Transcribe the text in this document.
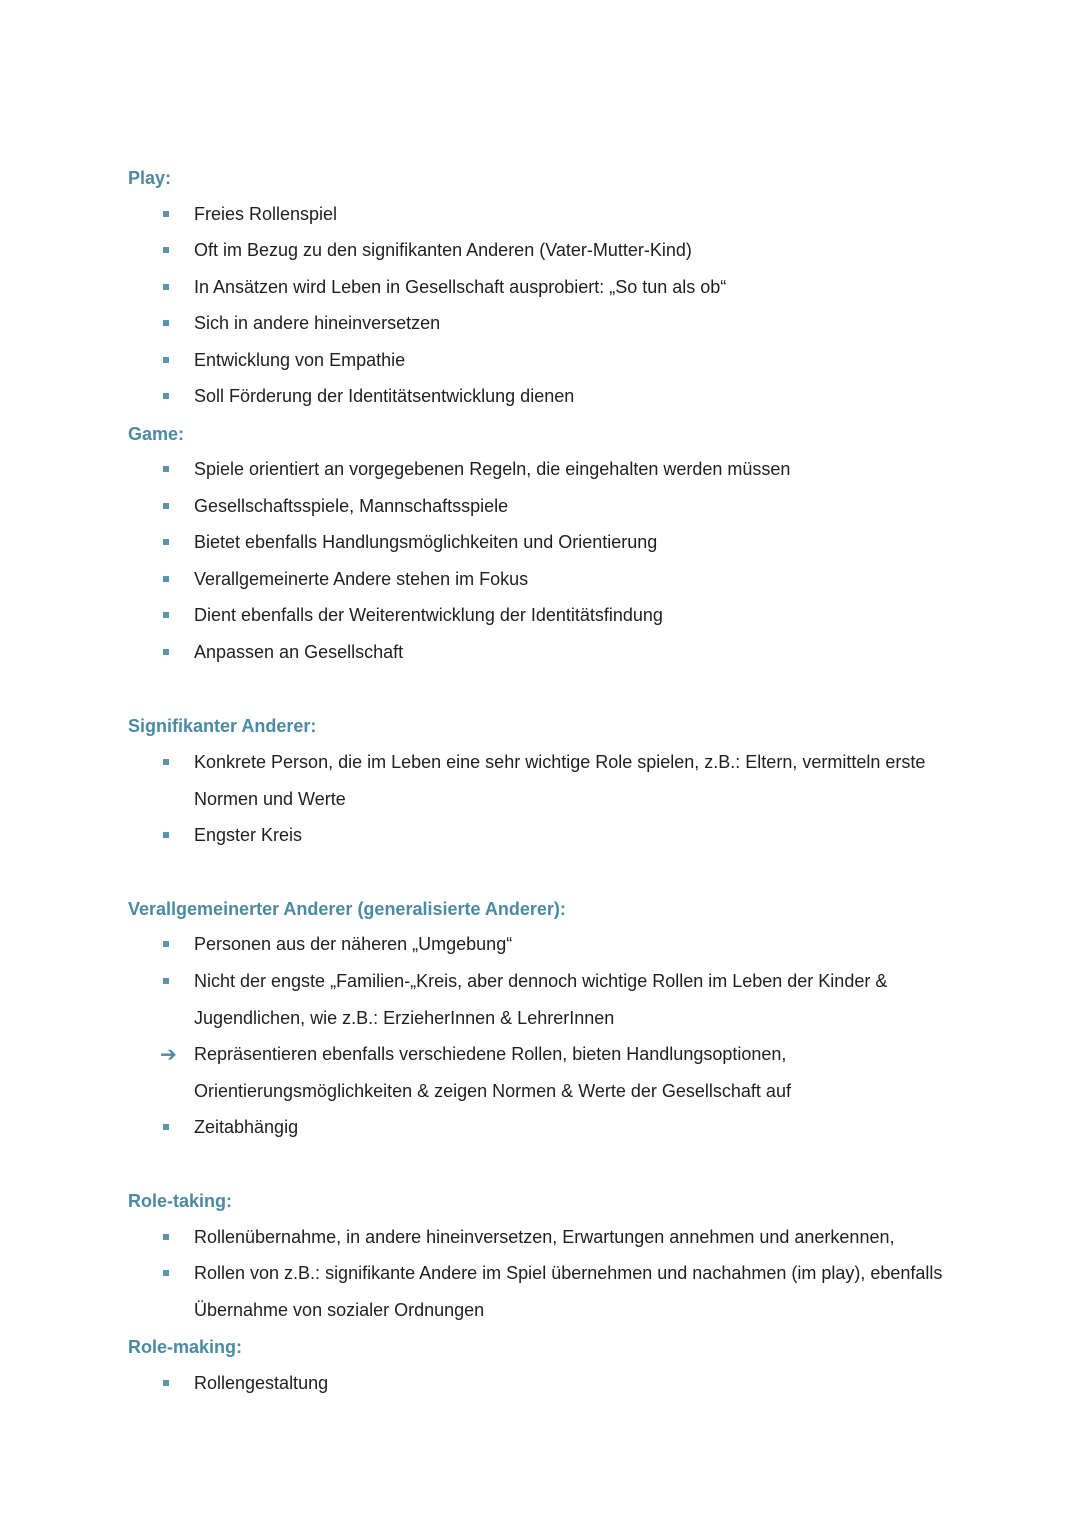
Play:

Freies Rollenspiel

Oft im Bezug zu den signifikanten Anderen (Vater-Mutter-Kind)

In Ansätzen wird Leben in Gesellschaft ausprobiert: „So tun als ob“

Sich in andere hineinversetzen

Entwicklung von Empathie

Soll Förderung der Identitätsentwicklung dienen

Game:

Spiele orientiert an vorgegebenen Regeln, die eingehalten werden müssen

Gesellschaftsspiele, Mannschaftsspiele

Bietet ebenfalls Handlungsmöglichkeiten und Orientierung

Verallgemeinerte Andere stehen im Fokus

Dient ebenfalls der Weiterentwicklung der Identitätsfindung

Anpassen an Gesellschaft

Signifikanter Anderer:

Konkrete Person, die im Leben eine sehr wichtige Role spielen, z.B.: Eltern, vermitteln erste Normen und Werte

Engster Kreis

Verallgemeinerter Anderer (generalisierte Anderer):

Personen aus der näheren „Umgebung“

Nicht der engste „Familien-„Kreis, aber dennoch wichtige Rollen im Leben der Kinder & Jugendlichen, wie z.B.: ErzieherInnen & LehrerInnen

➔ Repräsentieren ebenfalls verschiedene Rollen, bieten Handlungsoptionen, Orientierungsmöglichkeiten & zeigen Normen & Werte der Gesellschaft auf

Zeitabhängig

Role-taking:

Rollenübernahme, in andere hineinversetzen, Erwartungen annehmen und anerkennen,

Rollen von z.B.: signifikante Andere im Spiel übernehmen und nachahmen (im play), ebenfalls Übernahme von sozialer Ordnungen

Role-making:

Rollengestaltung
